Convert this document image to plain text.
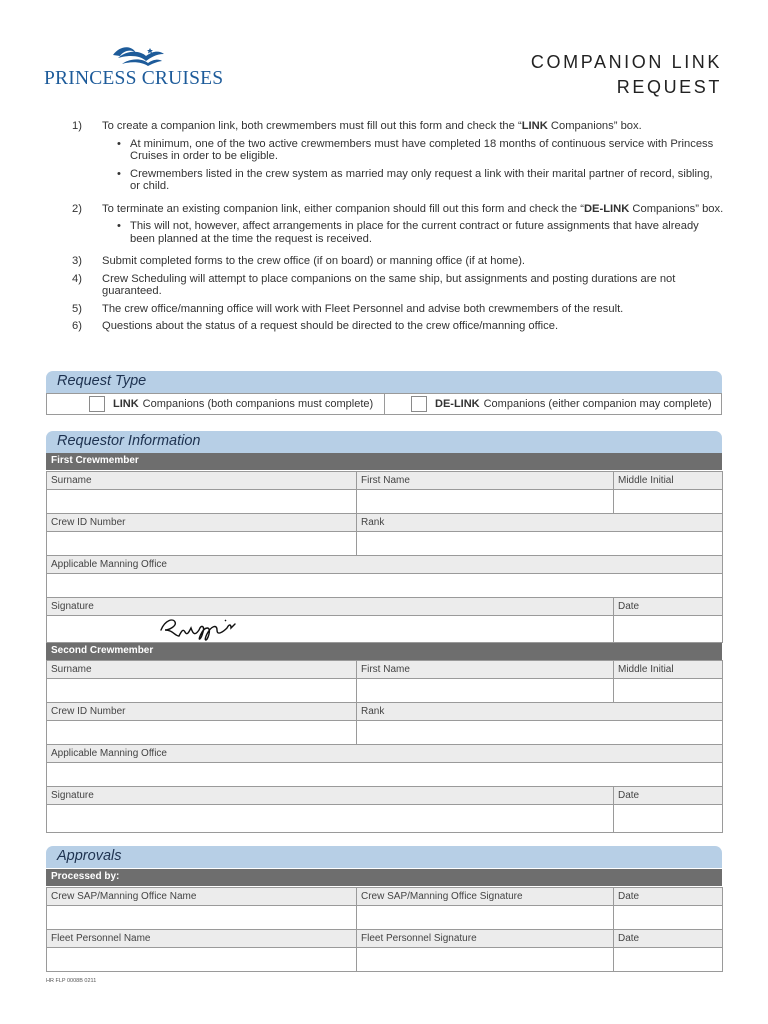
PRINCESS CRUISES
COMPANION LINK
REQUEST
1)	To create a companion link, both crewmembers must fill out this form and check the “LINK Companions” box.
• At minimum, one of the two active crewmembers must have completed 18 months of continuous service with Princess Cruises in order to be eligible.
• Crewmembers listed in the crew system as married may only request a link with their marital partner of record, sibling, or child.
2)	To terminate an existing companion link, either companion should fill out this form and check the “DE-LINK Companions” box.
• This will not, however, affect arrangements in place for the current contract or future assignments that have already been planned at the time the request is received.
3)	Submit completed forms to the crew office (if on board) or manning office (if at home).
4)	Crew Scheduling will attempt to place companions on the same ship, but assignments and posting durations are not guaranteed.
5)	The crew office/manning office will work with Fleet Personnel and advise both crewmembers of the result.
6)	Questions about the status of a request should be directed to the crew office/manning office.
Request Type
LINK Companions (both companions must complete)	DE-LINK Companions (either companion may complete)
Requestor Information
First Crewmember
Surname	First Name	Middle Initial

Crew ID Number	Rank	

Applicable Manning Office		

Signature		Date

Second Crewmember
Surname	First Name	Middle Initial

Crew ID Number	Rank	

Applicable Manning Office		

Signature		Date

Approvals
Processed by:
Crew SAP/Manning Office Name	Crew SAP/Manning Office Signature	Date

Fleet Personnel Name	Fleet Personnel Signature	Date

HR FLP 0008B 0211
